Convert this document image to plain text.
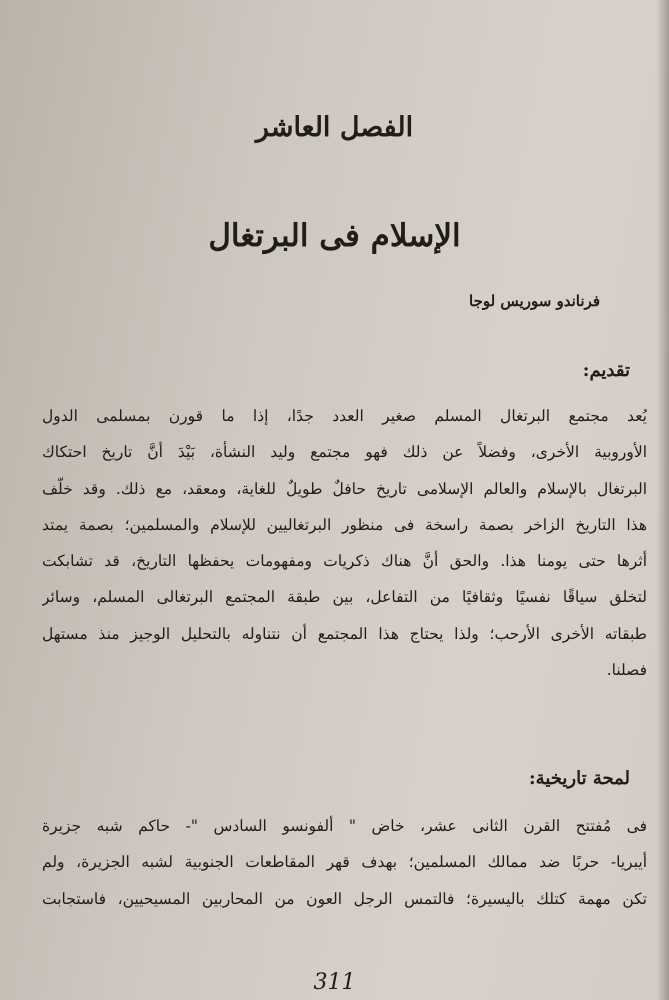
الفصل العاشر
الإسلام فى البرتغال
فرناندو سوريس لوجا
تقديم:
يُعد مجتمع البرتغال المسلم صغير العدد جدًا، إذا ما قورن بمسلمى الدول
الأوروبية الأخرى، وفضلاً عن ذلك فهو مجتمع وليد النشأة، بَيْدَ أنَّ تاريخ احتكاك
البرتغال بالإسلام والعالم الإسلامى تاريخ حافلٌ طويلٌ للغاية، ومعقد، مع ذلك. وقد خلّف
هذا التاريخ الزاخر بصمة راسخة فى منظور البرتغاليين للإسلام والمسلمين؛ بصمة يمتد
أثرها حتى يومنا هذا. والحق أنَّ هناك ذكريات ومفهومات يحفظها التاريخ، قد تشابكت
لتخلق سياقًا نفسيًا وثقافيًا من التفاعل، بين طبقة المجتمع البرتغالى المسلم، وسائر
طبقاته الأخرى الأرحب؛ ولذا يحتاج هذا المجتمع أن نتناوله بالتحليل الوجيز منذ مستهل
فصلنا.
لمحة تاريخية:
فى مُفتتح القرن الثانى عشر، خاض " ألفونسو السادس "- حاكم شبه جزيرة
أيبريا- حربًا ضد ممالك المسلمين؛ بهدف قهر المقاطعات الجنوبية لشبه الجزيرة، ولم
تكن مهمة كتلك باليسيرة؛ فالتمس الرجل العون من المحاربين المسيحيين، فاستجابت
311
